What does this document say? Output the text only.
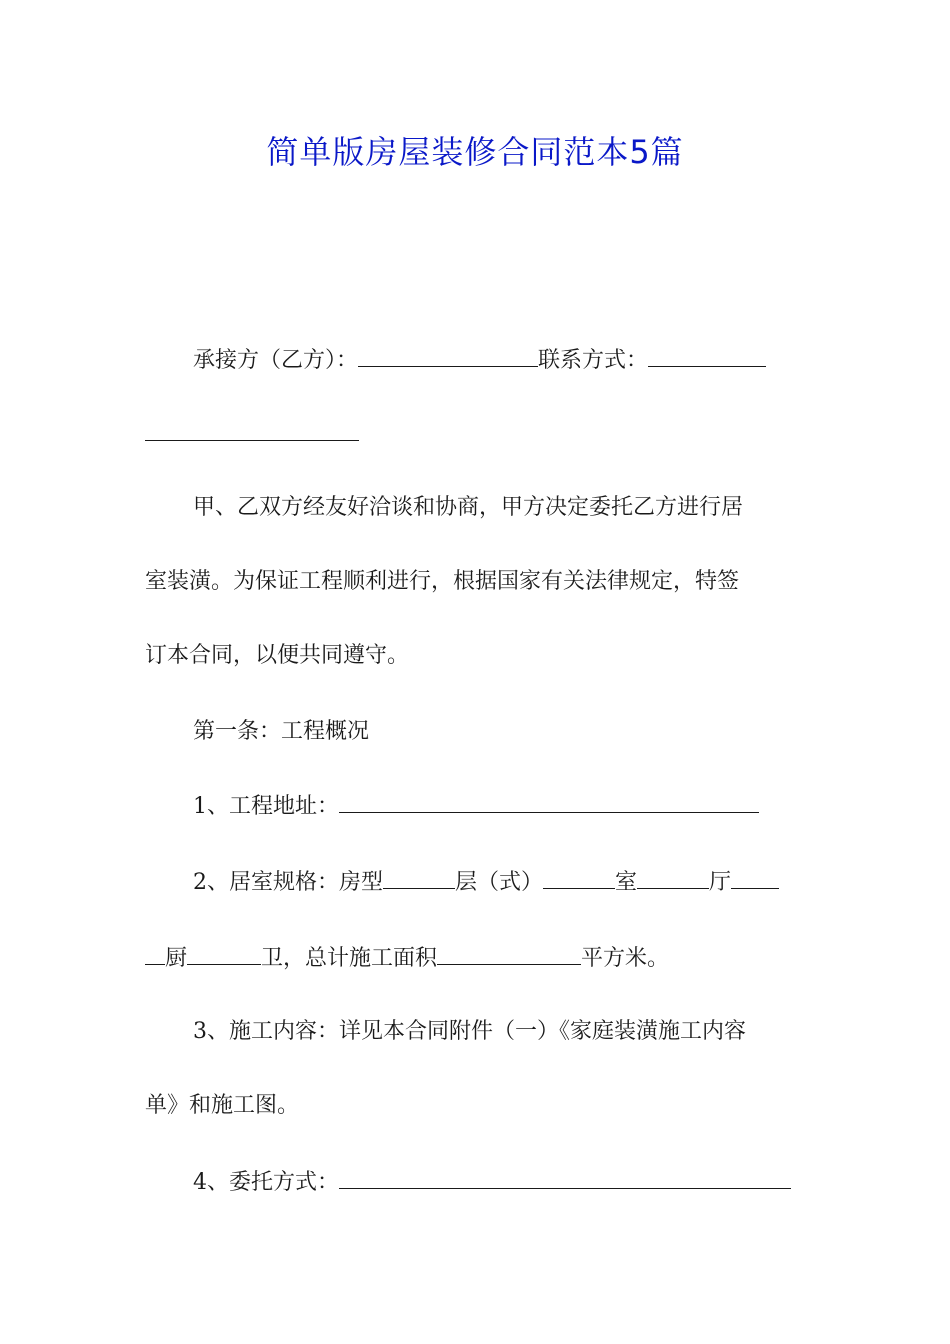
简单版房屋装修合同范本5篇
承接方（乙方）：	联系方式：
甲、乙双方经友好洽谈和协商，甲方决定委托乙方进行居
室装潢。为保证工程顺利进行，根据国家有关法律规定，特签
订本合同，以便共同遵守。
第一条：工程概况
1、工程地址：
2、居室规格：房型	层（式）	室	厅
厨	卫，总计施工面积	平方米。
3、施工内容：详见本合同附件（一）《家庭装潢施工内容
单》和施工图。
4、委托方式：
